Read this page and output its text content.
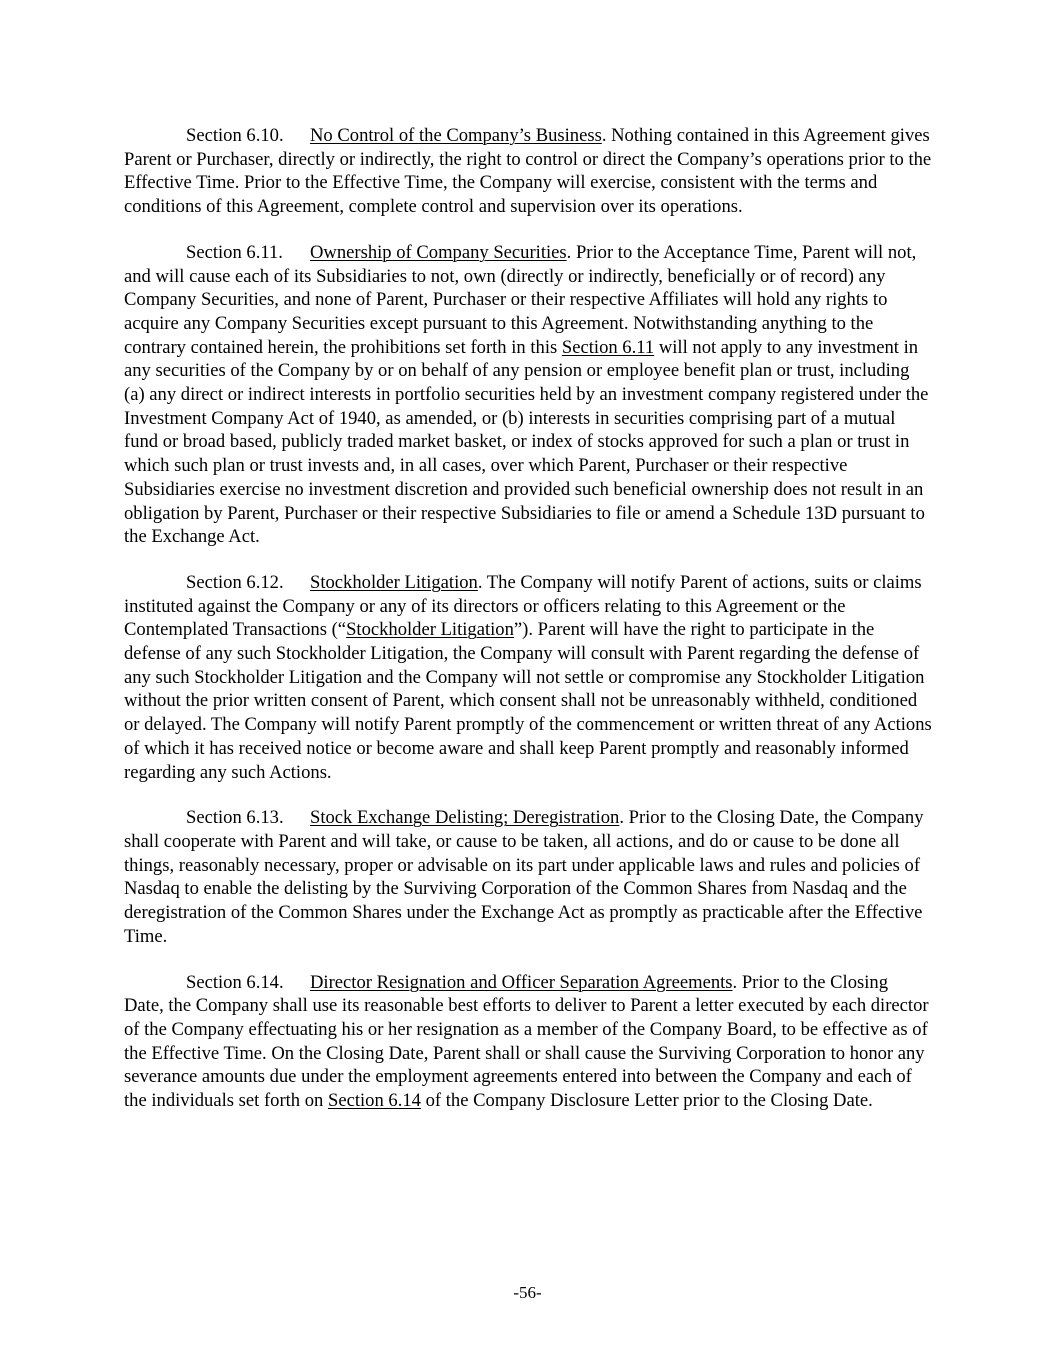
Section 6.10. No Control of the Company’s Business. Nothing contained in this Agreement gives Parent or Purchaser, directly or indirectly, the right to control or direct the Company’s operations prior to the Effective Time. Prior to the Effective Time, the Company will exercise, consistent with the terms and conditions of this Agreement, complete control and supervision over its operations.

Section 6.11. Ownership of Company Securities. Prior to the Acceptance Time, Parent will not, and will cause each of its Subsidiaries to not, own (directly or indirectly, beneficially or of record) any Company Securities, and none of Parent, Purchaser or their respective Affiliates will hold any rights to acquire any Company Securities except pursuant to this Agreement. Notwithstanding anything to the contrary contained herein, the prohibitions set forth in this Section 6.11 will not apply to any investment in any securities of the Company by or on behalf of any pension or employee benefit plan or trust, including (a) any direct or indirect interests in portfolio securities held by an investment company registered under the Investment Company Act of 1940, as amended, or (b) interests in securities comprising part of a mutual fund or broad based, publicly traded market basket, or index of stocks approved for such a plan or trust in which such plan or trust invests and, in all cases, over which Parent, Purchaser or their respective Subsidiaries exercise no investment discretion and provided such beneficial ownership does not result in an obligation by Parent, Purchaser or their respective Subsidiaries to file or amend a Schedule 13D pursuant to the Exchange Act.

Section 6.12. Stockholder Litigation. The Company will notify Parent of actions, suits or claims instituted against the Company or any of its directors or officers relating to this Agreement or the Contemplated Transactions (“Stockholder Litigation”). Parent will have the right to participate in the defense of any such Stockholder Litigation, the Company will consult with Parent regarding the defense of any such Stockholder Litigation and the Company will not settle or compromise any Stockholder Litigation without the prior written consent of Parent, which consent shall not be unreasonably withheld, conditioned or delayed. The Company will notify Parent promptly of the commencement or written threat of any Actions of which it has received notice or become aware and shall keep Parent promptly and reasonably informed regarding any such Actions.

Section 6.13. Stock Exchange Delisting; Deregistration. Prior to the Closing Date, the Company shall cooperate with Parent and will take, or cause to be taken, all actions, and do or cause to be done all things, reasonably necessary, proper or advisable on its part under applicable laws and rules and policies of Nasdaq to enable the delisting by the Surviving Corporation of the Common Shares from Nasdaq and the deregistration of the Common Shares under the Exchange Act as promptly as practicable after the Effective Time.

Section 6.14. Director Resignation and Officer Separation Agreements. Prior to the Closing Date, the Company shall use its reasonable best efforts to deliver to Parent a letter executed by each director of the Company effectuating his or her resignation as a member of the Company Board, to be effective as of the Effective Time. On the Closing Date, Parent shall or shall cause the Surviving Corporation to honor any severance amounts due under the employment agreements entered into between the Company and each of the individuals set forth on Section 6.14 of the Company Disclosure Letter prior to the Closing Date.

-56-
